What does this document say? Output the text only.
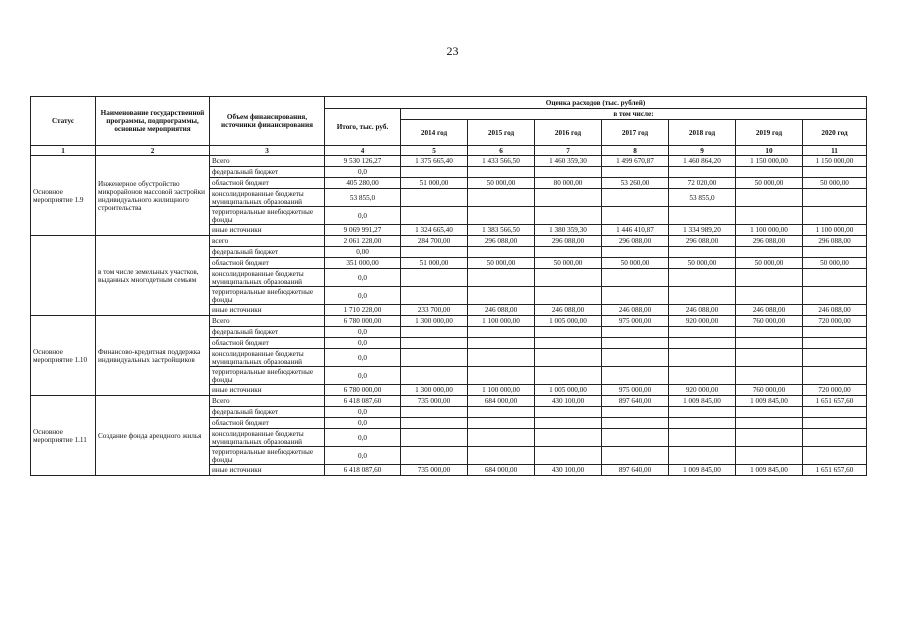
23
Статус	Наименование государственной программы, подпрограммы, основные мероприятия	Объем финансирования, источники финансирования	Оценка расходов (тыс. рублей)							
			Итого, тыс. руб.	в том числе:						
				2014 год	2015 год	2016 год	2017 год	2018 год	2019 год	2020 год
1	2	3	4	5	6	7	8	9	10	11
Основное мероприятие 1.9	Инженерное обустройство микрорайонов массовой застройки индивидуального жилищного строительства	Всего	9 530 126,27	1 375 665,40	1 433 566,50	1 460 359,30	1 499 670,87	1 460 864,20	1 150 000,00	1 150 000,00
		федеральный бюджет	0,0							
		областной бюджет	405 280,00	51 000,00	50 000,00	80 000,00	53 260,00	72 020,00	50 000,00	50 000,00
		консолидированные бюджеты муниципальных образований	53 855,0					53 855,0		
		территориальные внебюджетные фонды	0,0							
		иные источники	9 069 991,27	1 324 665,40	1 383 566,50	1 380 359,30	1 446 410,87	1 334 989,20	1 100 000,00	1 100 000,00
	в том числе земельных участков, выданных многодетным семьям	всего	2 061 228,00	284 700,00	296 088,00	296 088,00	296 088,00	296 088,00	296 088,00	296 088,00
		федеральный бюджет	0,00							
		областной бюджет	351 000,00	51 000,00	50 000,00	50 000,00	50 000,00	50 000,00	50 000,00	50 000,00
		консолидированные бюджеты муниципальных образований	0,0							
		территориальные внебюджетные фонды	0,0							
		иные источники	1 710 228,00	233 700,00	246 088,00	246 088,00	246 088,00	246 088,00	246 088,00	246 088,00
Основное мероприятие 1.10	Финансово-кредитная поддержка индивидуальных застройщиков	Всего	6 780 000,00	1 300 000,00	1 100 000,00	1 005 000,00	975 000,00	920 000,00	760 000,00	720 000,00
		федеральный бюджет	0,0							
		областной бюджет	0,0							
		консолидированные бюджеты муниципальных образований	0,0							
		территориальные внебюджетные фонды	0,0							
		иные источники	6 780 000,00	1 300 000,00	1 100 000,00	1 005 000,00	975 000,00	920 000,00	760 000,00	720 000,00
Основное мероприятие 1.11	Создание фонда арендного жилья	Всего	6 418 087,60	735 000,00	684 000,00	430 100,00	897 640,00	1 009 845,00	1 009 845,00	1 651 657,60
		федеральный бюджет	0,0							
		областной бюджет	0,0							
		консолидированные бюджеты муниципальных образований	0,0							
		территориальные внебюджетные фонды	0,0							
		иные источники	6 418 087,60	735 000,00	684 000,00	430 100,00	897 640,00	1 009 845,00	1 009 845,00	1 651 657,60
